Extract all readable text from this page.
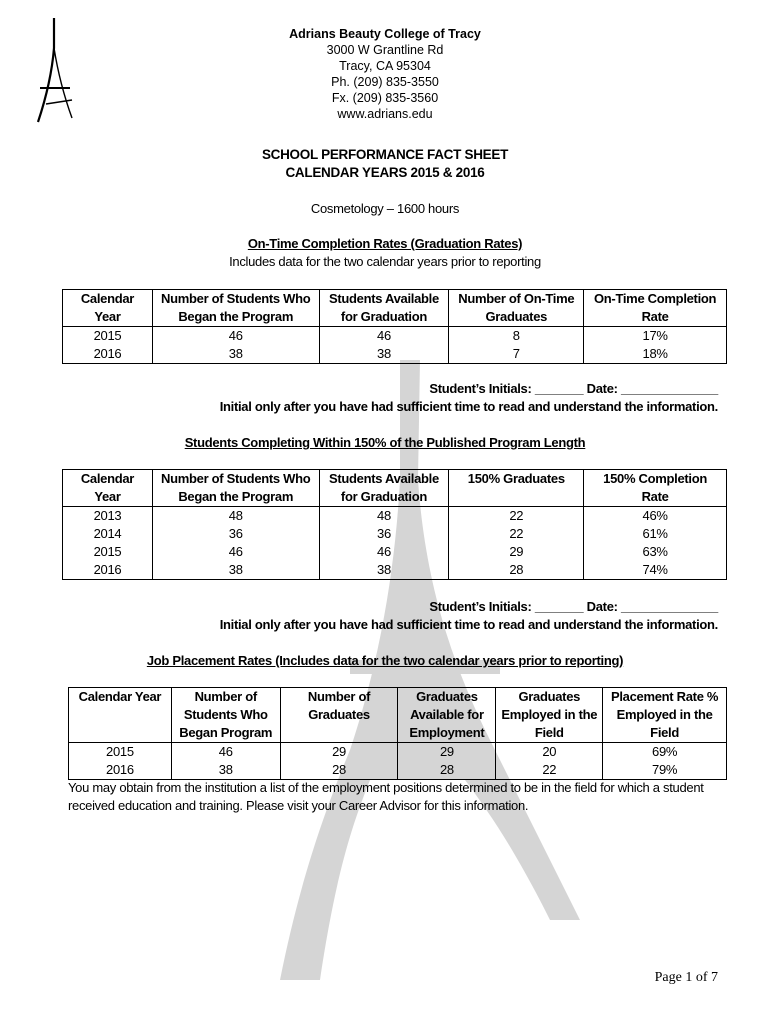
Adrians Beauty College of Tracy
3000 W Grantline Rd
Tracy, CA 95304
Ph. (209) 835-3550
Fx. (209) 835-3560
www.adrians.edu
SCHOOL PERFORMANCE FACT SHEET
CALENDAR YEARS 2015 & 2016
Cosmetology – 1600 hours
On-Time Completion Rates (Graduation Rates)
Includes data for the two calendar years prior to reporting
Calendar Year	Number of Students Who Began the Program	Students Available for Graduation	Number of On-Time Graduates	On-Time Completion Rate
2015	46	46	8	17%
2016	38	38	7	18%
Student’s Initials: _______ Date: ______________
Initial only after you have had sufficient time to read and understand the information.
Students Completing Within 150% of the Published Program Length
Calendar Year	Number of Students Who Began the Program	Students Available for Graduation	150% Graduates	150% Completion Rate
2013	48	48	22	46%
2014	36	36	22	61%
2015	46	46	29	63%
2016	38	38	28	74%
Student’s Initials: _______ Date: ______________
Initial only after you have had sufficient time to read and understand the information.
Job Placement Rates (Includes data for the two calendar years prior to reporting)
Calendar Year	Number of Students Who Began Program	Number of Graduates	Graduates Available for Employment	Graduates Employed in the Field	Placement Rate % Employed in the Field
2015	46	29	29	20	69%
2016	38	28	28	22	79%
You may obtain from the institution a list of the employment positions determined to be in the field for which a student received education and training. Please visit your Career Advisor for this information.
Page 1 of 7
